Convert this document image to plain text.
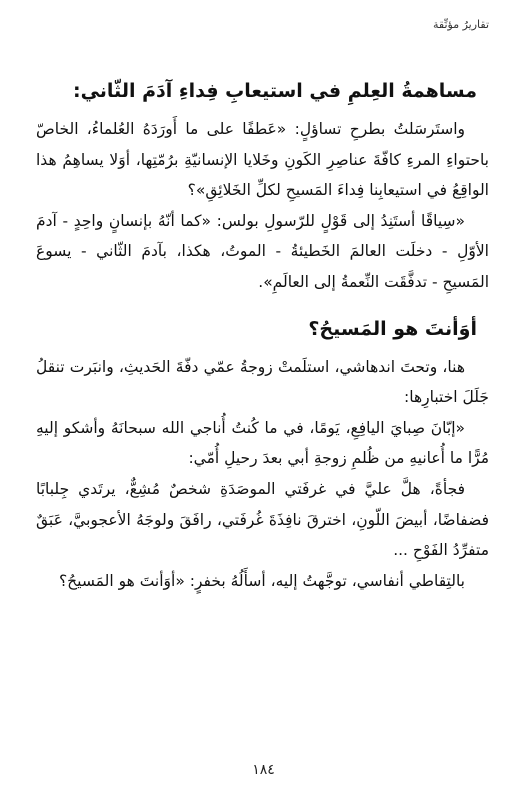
تقاريرُ مؤنِّقة
مساهمةُ العِلمِ في استيعابِ فِداءِ آدَمَ الثّاني:

واستَرسَلتُ بطرحِ تساؤلٍ: «عَطفًا على ما أَورَدَهُ العُلماءُ، الخاصّ باحتواءِ المرءِ كافّةَ عناصِرِ الكَونِ وخَلايا الإنسانيّةِ برُمّتِها، أوَلا يساهِمُ هذا الواقِعُ في استيعابِنا فِداءَ المَسيحِ لكلِّ الخَلائِقِ»؟

«سِياقًا أستَنِدُ إلى قَوْلٍ للرّسولِ بولس: «كما أنّهُ بإنسانٍ واحِدٍ - آدمَ الأوّلِ - دخلَت العالمَ الخَطيئةُ - الموتُ، هكذا، بآدمَ الثّاني - يسوعَ المَسيحِ - تدفَّقَت النِّعمةُ إلى العالَمِ».

أوَأنتَ هو المَسيحُ؟

هنا، وتحتَ اندهاشي، استلَمتْ زوجةُ عمّي دفّةَ الحَديثِ، وانبَرت تنقلُ جَلَلَ اختبارِها:

«إبّانَ صِبايَ اليافِعِ، يَومًا، في ما كُنتُ أُناجي الله سبحانَهُ وأشكو إليهِ مُرًّا ما أُعانيهِ من ظُلمِ زوجةِ أبي بعدَ رحيلِ أُمّي:

فجأةً، هلَّ عليَّ في غرفَتي الموصَدَةِ شخصٌ مُشِعٌّ، يرتَدي جِلبابًا فضفاضًا، أبيضَ اللّونِ، اخترقَ نافِذَةَ غُرفَتي، رافَقَ ولوجَهُ الأعجوبيَّ، عَبَقٌ متفرِّدُ الفَوْحِ ...

بالتِقاطي أنفاسي، توجَّهتُ إليه، أسأَلُهُ بخفرٍ: «أوَأنتَ هو المَسيحُ؟

١٨٤
